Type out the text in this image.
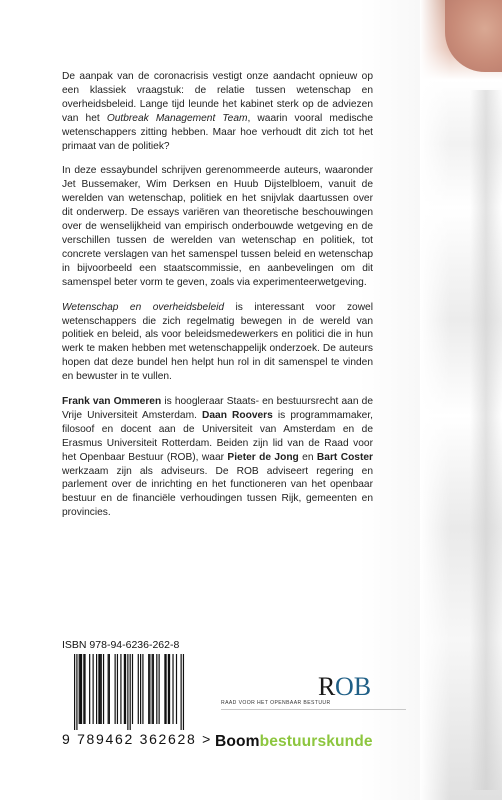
De aanpak van de coronacrisis vestigt onze aandacht opnieuw op een klassiek vraagstuk: de relatie tussen wetenschap en overheidsbeleid. Lange tijd leunde het kabinet sterk op de adviezen van het Outbreak Management Team, waarin vooral medische wetenschappers zitting hebben. Maar hoe verhoudt dit zich tot het primaat van de politiek?

In deze essaybundel schrijven gerenommeerde auteurs, waaronder Jet Bussemaker, Wim Derksen en Huub Dijstelbloem, vanuit de werelden van wetenschap, politiek en het snijvlak daartussen over dit onderwerp. De essays variëren van theoretische beschouwingen over de wenselijkheid van empirisch onderbouwde wetgeving en de verschillen tussen de werelden van wetenschap en politiek, tot concrete verslagen van het samenspel tussen beleid en wetenschap in bijvoorbeeld een staatscommissie, en aanbevelingen om dit samenspel beter vorm te geven, zoals via experimenteerwetgeving.

Wetenschap en overheidsbeleid is interessant voor zowel wetenschappers die zich regelmatig bewegen in de wereld van politiek en beleid, als voor beleidsmedewerkers en politici die in hun werk te maken hebben met wetenschappelijk onderzoek. De auteurs hopen dat deze bundel hen helpt hun rol in dit samenspel te vinden en bewuster in te vullen.

Frank van Ommeren is hoogleraar Staats- en bestuursrecht aan de Vrije Universiteit Amsterdam. Daan Roovers is programmamaker, filosoof en docent aan de Universiteit van Amsterdam en de Erasmus Universiteit Rotterdam. Beiden zijn lid van de Raad voor het Openbaar Bestuur (ROB), waar Pieter de Jong en Bart Coster werkzaam zijn als adviseurs. De ROB adviseert regering en parlement over de inrichting en het functioneren van het openbaar bestuur en de financiële verhoudingen tussen Rijk, gemeenten en provincies.

ISBN 978-94-6236-262-8
9 789462 362628 >
R OB
RAAD VOOR HET OPENBAAR BESTUUR
Boombestuurskunde
